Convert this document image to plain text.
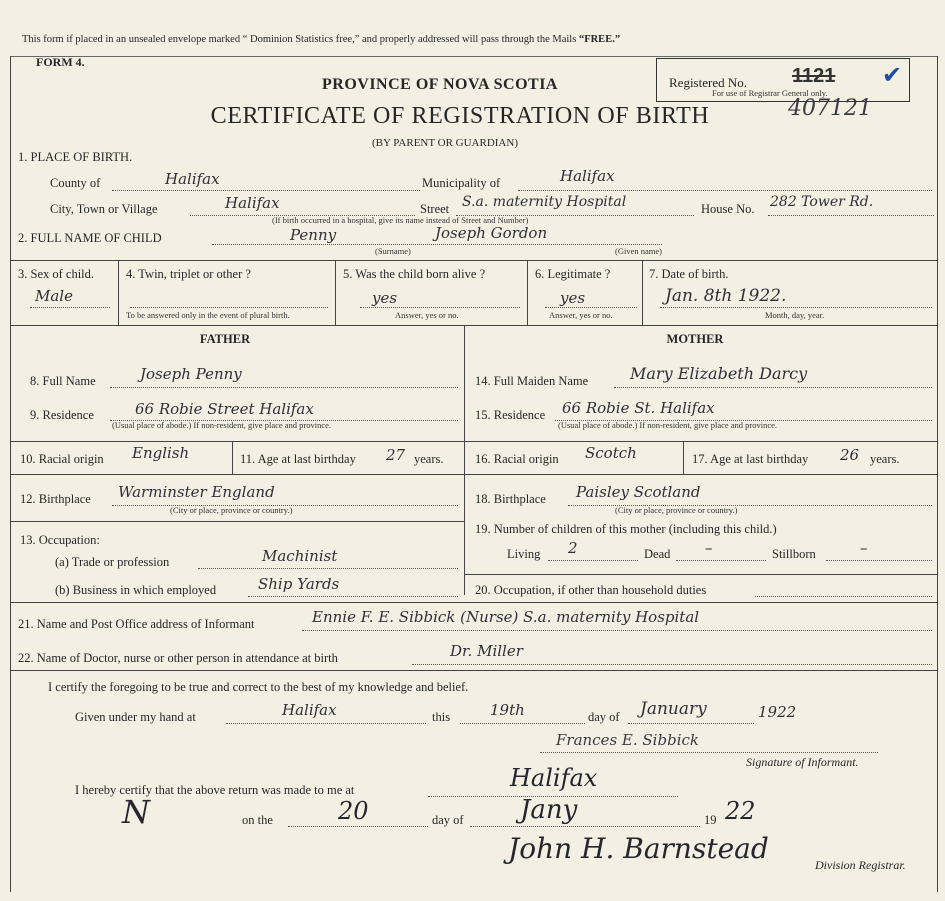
This form if placed in an unsealed envelope marked “ Dominion Statistics free,” and properly addressed will pass through the Mails “FREE.”
FORM 4.
PROVINCE OF NOVA SCOTIA
CERTIFICATE OF REGISTRATION OF BIRTH
(BY PARENT OR GUARDIAN)
Registered No. 1121 ✔
For use of Registrar General only.
407121
1. PLACE OF BIRTH.
County of	Halifax	Municipality of	Halifax
City, Town or Village	Halifax	Street S.a. maternity Hospital	House No. 282 Tower Rd.
(If birth occurred in a hospital, give its name instead of Street and Number)
2. FULL NAME OF CHILD	Penny	Joseph Gordon
(Surname)	(Given name)
3. Sex of child.
Male
4. Twin, triplet or other ?
To be answered only in the event of plural birth.
5. Was the child born alive ?
yes
Answer, yes or no.
6. Legitimate ?
yes
Answer, yes or no.
7. Date of birth.
Jan. 8th 1922.
Month, day, year.
FATHER	MOTHER
8. Full Name	Joseph Penny
9. Residence	66 Robie Street Halifax
(Usual place of abode.) If non-resident, give place and province.
10. Racial origin English	11. Age at last birthday 27 years.
12. Birthplace Warminster England
(City or place, province or country.)
13. Occupation:
(a) Trade or profession	Machinist
(b) Business in which employed	Ship Yards
14. Full Maiden Name	Mary Elizabeth Darcy
15. Residence 66 Robie St. Halifax
(Usual place of abode.) If non-resident, give place and province.
16. Racial origin Scotch	17. Age at last birthday 26 years.
18. Birthplace Paisley Scotland
(City or place, province or country.)
19. Number of children of this mother (including this child.)
Living 2	Dead –	Stillborn	–
20. Occupation, if other than household duties
21. Name and Post Office address of Informant	Ennie F. E. Sibbick (Nurse) S.a. maternity Hospital
22. Name of Doctor, nurse or other person in attendance at birth	Dr. Miller
I certify the foregoing to be true and correct to the best of my knowledge and belief.
Given under my hand at	Halifax	this	19th	day of January	1922
Frances E. Sibbick
Signature of Informant.
I hereby certify that the above return was made to me at	Halifax
N	on the	20	day of Jany	19 22
John H. Barnstead	Division Registrar.
